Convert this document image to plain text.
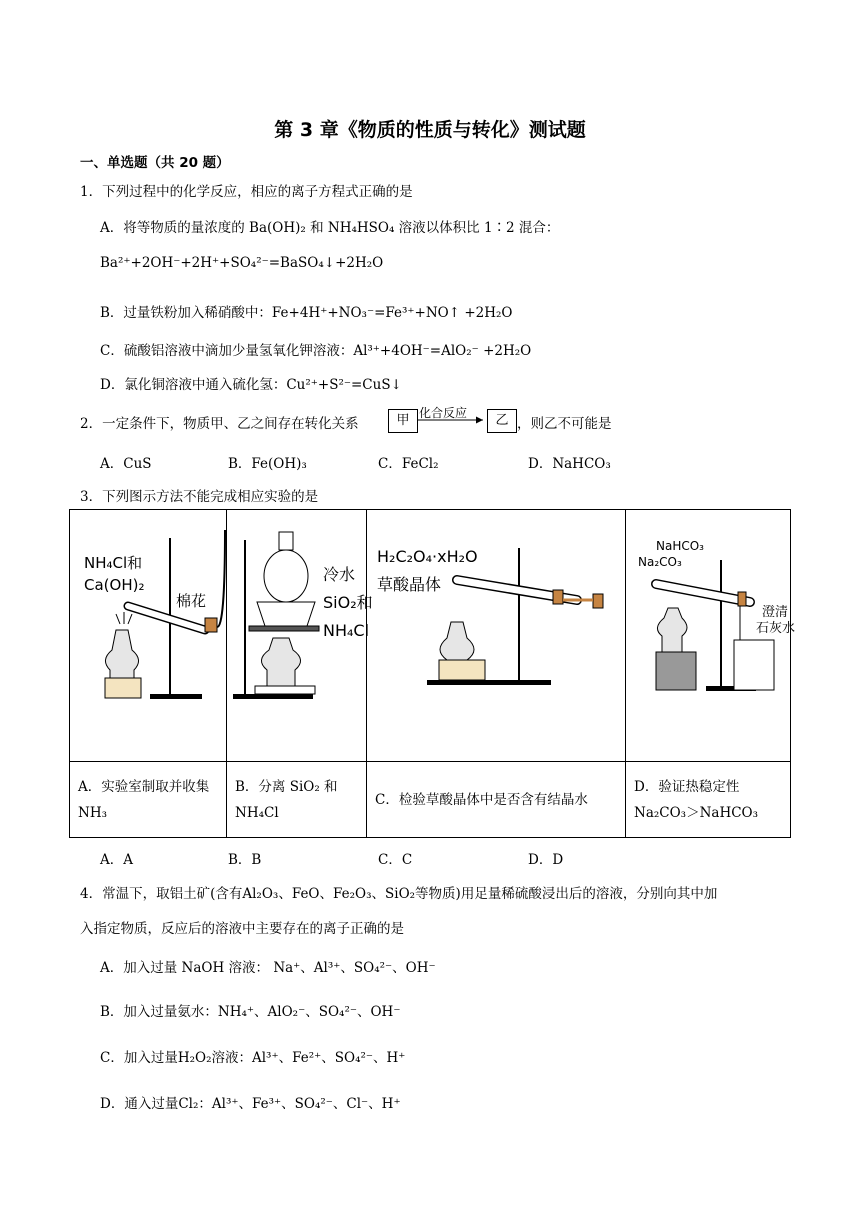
第 3 章《物质的性质与转化》测试题
一、单选题（共 20 题）
1．下列过程中的化学反应，相应的离子方程式正确的是
A．将等物质的量浓度的 Ba(OH)₂ 和 NH₄HSO₄ 溶液以体积比 1∶2 混合：
Ba²⁺+2OH⁻+2H⁺+SO₄²⁻=BaSO₄↓+2H₂O
B．过量铁粉加入稀硝酸中：Fe+4H⁺+NO₃⁻=Fe³⁺+NO↑ +2H₂O
C．硫酸铝溶液中滴加少量氢氧化钾溶液：Al³⁺+4OH⁻=AlO₂⁻ +2H₂O
D．氯化铜溶液中通入硫化氢：Cu²⁺+S²⁻=CuS↓
2．一定条件下，物质甲、乙之间存在转化关系	甲 化合反应	乙 ，则乙不可能是
A．CuS	B．Fe(OH)₃	C．FeCl₂	D．NaHCO₃
3．下列图示方法不能完成相应实验的是
NH₄Cl和
Ca(OH)₂
棉花	冷水
SiO₂和
NH₄Cl	H₂C₂O₄·xH₂O
草酸晶体	NaHCO₃
Na₂CO₃
澄清
石灰水

A．实验室制取并收集 NH₃	B．分离 SiO₂ 和 NH₄Cl	C．检验草酸晶体中是否含有结晶水	D．验证热稳定性 Na₂CO₃＞NaHCO₃
A．A	B．B	C．C	D．D
4．常温下，取铝土矿(含有Al₂O₃、FeO、Fe₂O₃、SiO₂等物质)用足量稀硫酸浸出后的溶液，分别向其中加
入指定物质，反应后的溶液中主要存在的离子正确的是
A．加入过量 NaOH 溶液： Na⁺、Al³⁺、SO₄²⁻、OH⁻
B．加入过量氨水：NH₄⁺、AlO₂⁻、SO₄²⁻、OH⁻
C．加入过量H₂O₂溶液：Al³⁺、Fe²⁺、SO₄²⁻、H⁺
D．通入过量Cl₂：Al³⁺、Fe³⁺、SO₄²⁻、Cl⁻、H⁺
